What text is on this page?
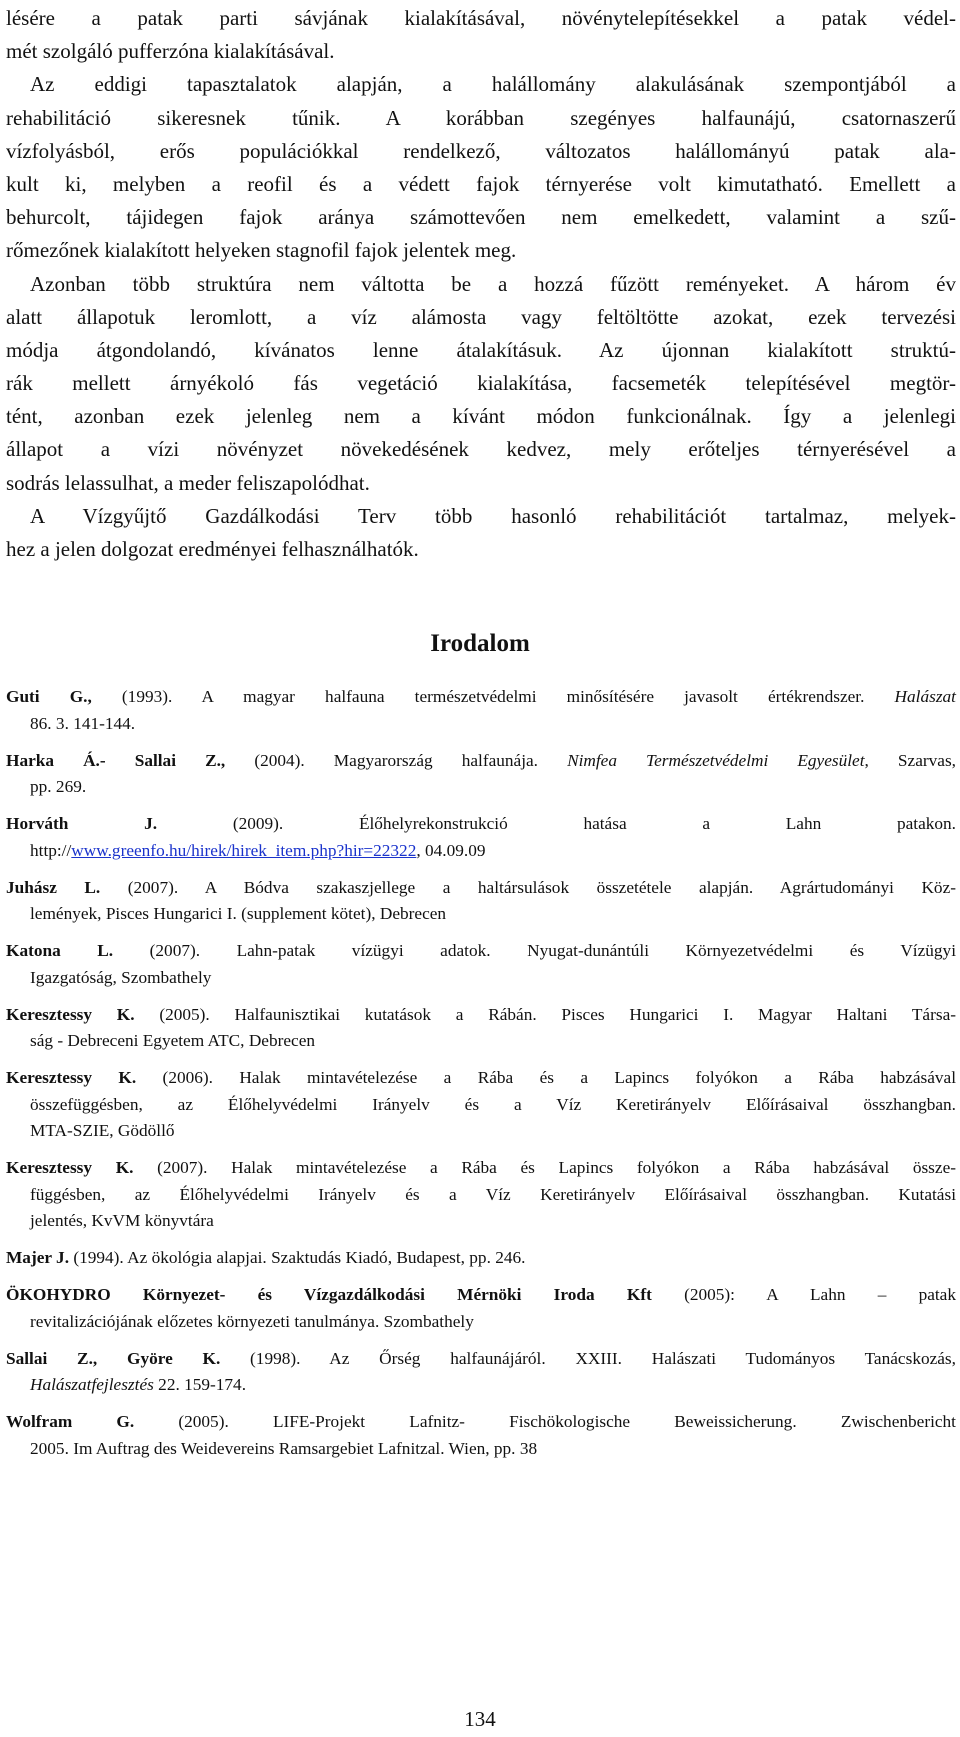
lésére a patak parti sávjának kialakításával, növénytelepítésekkel a patak védel-
mét szolgáló pufferzóna kialakításával.
Az eddigi tapasztalatok alapján, a halállomány alakulásának szempontjából a
rehabilitáció sikeresnek tűnik. A korábban szegényes halfaunájú, csatornaszerű
vízfolyásból, erős populációkkal rendelkező, változatos halállományú patak ala-
kult ki, melyben a reofil és a védett fajok térnyerése volt kimutatható. Emellett a
behurcolt, tájidegen fajok aránya számottevően nem emelkedett, valamint a szű-
rőmezőnek kialakított helyeken stagnofil fajok jelentek meg.
Azonban több struktúra nem váltotta be a hozzá fűzött reményeket. A három év
alatt állapotuk leromlott, a víz alámosta vagy feltöltötte azokat, ezek tervezési
módja átgondolandó, kívánatos lenne átalakításuk. Az újonnan kialakított struktú-
rák mellett árnyékoló fás vegetáció kialakítása, facsemeték telepítésével megtör-
tént, azonban ezek jelenleg nem a kívánt módon funkcionálnak. Így a jelenlegi
állapot a vízi növényzet növekedésének kedvez, mely erőteljes térnyerésével a
sodrás lelassulhat, a meder feliszapolódhat.
A Vízgyűjtő Gazdálkodási Terv több hasonló rehabilitációt tartalmaz, melyek-
hez a jelen dolgozat eredményei felhasználhatók.
Irodalom
Guti G., (1993). A magyar halfauna természetvédelmi minősítésére javasolt értékrendszer. Halászat
86. 3. 141-144.
Harka Á.- Sallai Z., (2004). Magyarország halfaunája. Nimfea Természetvédelmi Egyesület, Szarvas,
pp. 269.
Horváth J. (2009). Élőhelyrekonstrukció hatása a Lahn patakon.
http://www.greenfo.hu/hirek/hirek_item.php?hir=22322, 04.09.09
Juhász L. (2007). A Bódva szakaszjellege a haltársulások összetétele alapján. Agrártudományi Köz-
lemények, Pisces Hungarici I. (supplement kötet), Debrecen
Katona L. (2007). Lahn-patak vízügyi adatok. Nyugat-dunántúli Környezetvédelmi és Vízügyi
Igazgatóság, Szombathely
Keresztessy K. (2005). Halfaunisztikai kutatások a Rábán. Pisces Hungarici I. Magyar Haltani Társa-
ság - Debreceni Egyetem ATC, Debrecen
Keresztessy K. (2006). Halak mintavételezése a Rába és a Lapincs folyókon a Rába habzásával
összefüggésben, az Élőhelyvédelmi Irányelv és a Víz Keretirányelv Előírásaival összhangban.
MTA-SZIE, Gödöllő
Keresztessy K. (2007). Halak mintavételezése a Rába és Lapincs folyókon a Rába habzásával össze-
függésben, az Élőhelyvédelmi Irányelv és a Víz Keretirányelv Előírásaival összhangban. Kutatási
jelentés, KvVM könyvtára
Majer J. (1994). Az ökológia alapjai. Szaktudás Kiadó, Budapest, pp. 246.
ÖKOHYDRO Környezet- és Vízgazdálkodási Mérnöki Iroda Kft (2005): A Lahn – patak
revitalizációjának előzetes környezeti tanulmánya. Szombathely
Sallai Z., Györe K. (1998). Az Őrség halfaunájáról. XXIII. Halászati Tudományos Tanácskozás,
Halászatfejlesztés 22. 159-174.
Wolfram G. (2005). LIFE-Projekt Lafnitz- Fischökologische Beweissicherung. Zwischenbericht
2005. Im Auftrag des Weidevereins Ramsargebiet Lafnitzal. Wien, pp. 38
134
